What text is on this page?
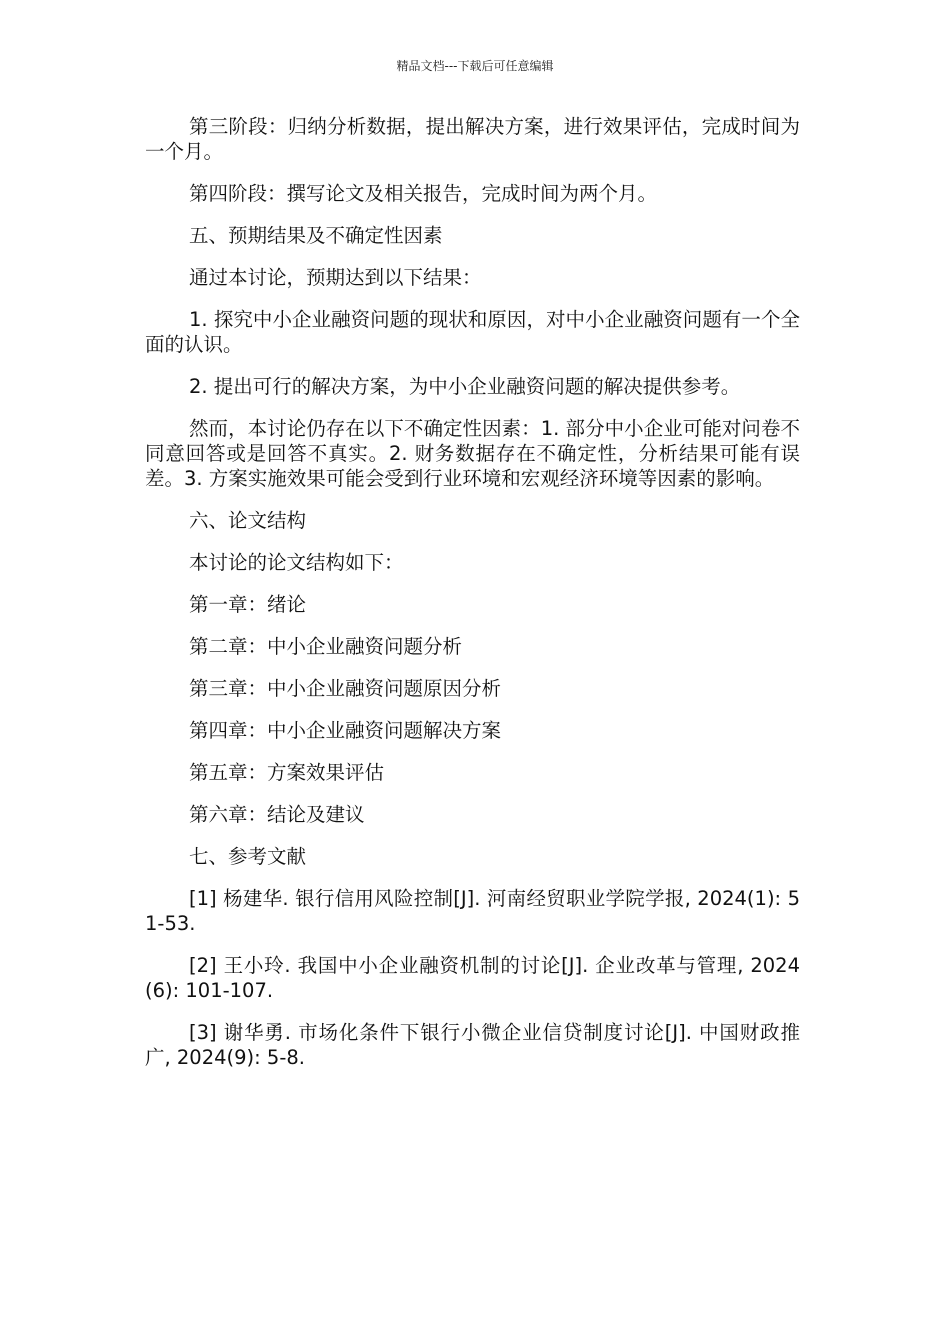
精品文档---下载后可任意编辑

第三阶段：归纳分析数据，提出解决方案，进行效果评估，完成时间为一个月。

第四阶段：撰写论文及相关报告，完成时间为两个月。

五、预期结果及不确定性因素

通过本讨论，预期达到以下结果：

1. 探究中小企业融资问题的现状和原因，对中小企业融资问题有一个全面的认识。

2. 提出可行的解决方案，为中小企业融资问题的解决提供参考。

然而，本讨论仍存在以下不确定性因素：1. 部分中小企业可能对问卷不同意回答或是回答不真实。2. 财务数据存在不确定性，分析结果可能有误差。3. 方案实施效果可能会受到行业环境和宏观经济环境等因素的影响。

六、论文结构

本讨论的论文结构如下：

第一章：绪论

第二章：中小企业融资问题分析

第三章：中小企业融资问题原因分析

第四章：中小企业融资问题解决方案

第五章：方案效果评估

第六章：结论及建议

七、参考文献

[1] 杨建华. 银行信用风险控制[J]. 河南经贸职业学院学报, 2024(1): 51-53.

[2] 王小玲. 我国中小企业融资机制的讨论[J]. 企业改革与管理, 2024(6): 101-107.

[3] 谢华勇. 市场化条件下银行小微企业信贷制度讨论[J]. 中国财政推广, 2024(9): 5-8.
